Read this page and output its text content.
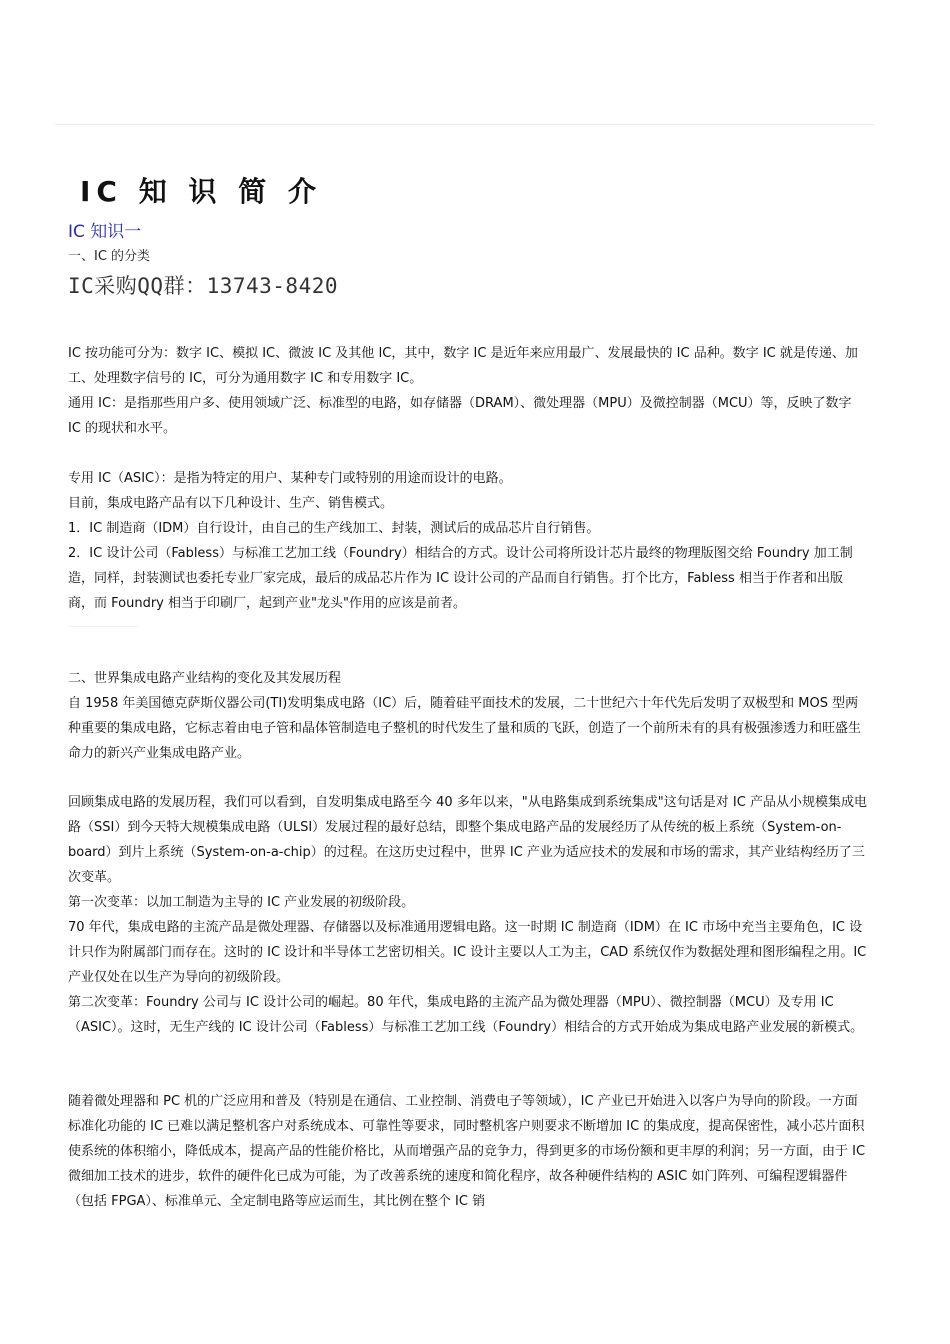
IC 知 识 简 介
IC 知识一
一、IC 的分类
IC采购QQ群：13743-8420

IC 按功能可分为：数字 IC、模拟 IC、微波 IC 及其他 IC，其中，数字 IC 是近年来应用最广、发展最快的 IC 品种。数字 IC 就是传递、加工、处理数字信号的 IC，可分为通用数字 IC 和专用数字 IC。

通用 IC：是指那些用户多、使用领域广泛、标准型的电路，如存储器（DRAM）、微处理器（MPU）及微控制器（MCU）等，反映了数字 IC 的现状和水平。

专用 IC（ASIC）：是指为特定的用户、某种专门或特别的用途而设计的电路。

目前，集成电路产品有以下几种设计、生产、销售模式。

1．IC 制造商（IDM）自行设计，由自己的生产线加工、封装，测试后的成品芯片自行销售。

2．IC 设计公司（Fabless）与标准工艺加工线（Foundry）相结合的方式。设计公司将所设计芯片最终的物理版图交给 Foundry 加工制造，同样，封装测试也委托专业厂家完成，最后的成品芯片作为 IC 设计公司的产品而自行销售。打个比方，Fabless 相当于作者和出版商，而 Foundry 相当于印刷厂，起到产业"龙头"作用的应该是前者。

二、世界集成电路产业结构的变化及其发展历程

自 1958 年美国德克萨斯仪器公司(TI)发明集成电路（IC）后，随着硅平面技术的发展，二十世纪六十年代先后发明了双极型和 MOS 型两种重要的集成电路，它标志着由电子管和晶体管制造电子整机的时代发生了量和质的飞跃，创造了一个前所未有的具有极强渗透力和旺盛生命力的新兴产业集成电路产业。

回顾集成电路的发展历程，我们可以看到，自发明集成电路至今 40 多年以来，"从电路集成到系统集成"这句话是对 IC 产品从小规模集成电路（SSI）到今天特大规模集成电路（ULSI）发展过程的最好总结，即整个集成电路产品的发展经历了从传统的板上系统（System-on-board）到片上系统（System-on-a-chip）的过程。在这历史过程中，世界 IC 产业为适应技术的发展和市场的需求，其产业结构经历了三次变革。

第一次变革：以加工制造为主导的 IC 产业发展的初级阶段。

70 年代，集成电路的主流产品是微处理器、存储器以及标准通用逻辑电路。这一时期 IC 制造商（IDM）在 IC 市场中充当主要角色，IC 设计只作为附属部门而存在。这时的 IC 设计和半导体工艺密切相关。IC 设计主要以人工为主，CAD 系统仅作为数据处理和图形编程之用。IC 产业仅处在以生产为导向的初级阶段。

第二次变革：Foundry 公司与 IC 设计公司的崛起。80 年代，集成电路的主流产品为微处理器（MPU）、微控制器（MCU）及专用 IC（ASIC）。这时，无生产线的 IC 设计公司（Fabless）与标准工艺加工线（Foundry）相结合的方式开始成为集成电路产业发展的新模式。

随着微处理器和 PC 机的广泛应用和普及（特别是在通信、工业控制、消费电子等领域），IC 产业已开始进入以客户为导向的阶段。一方面标准化功能的 IC 已难以满足整机客户对系统成本、可靠性等要求，同时整机客户则要求不断增加 IC 的集成度，提高保密性，减小芯片面积使系统的体积缩小，降低成本，提高产品的性能价格比，从而增强产品的竞争力，得到更多的市场份额和更丰厚的利润；另一方面，由于 IC 微细加工技术的进步，软件的硬件化已成为可能，为了改善系统的速度和简化程序，故各种硬件结构的 ASIC 如门阵列、可编程逻辑器件（包括 FPGA）、标准单元、全定制电路等应运而生，其比例在整个 IC 销
